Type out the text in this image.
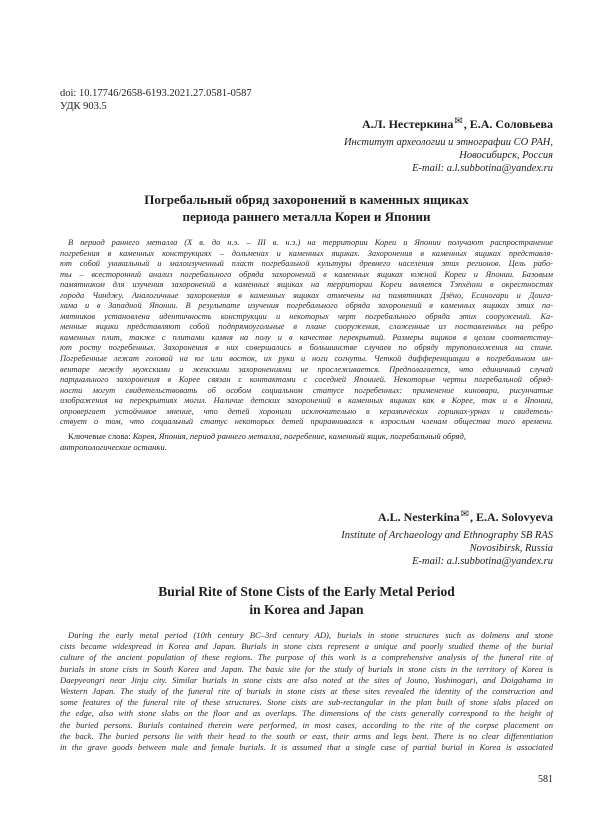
doi: 10.17746/2658-6193.2021.27.0581-0587
УДК 903.5
А.Л. Нестеркина✉, Е.А. Соловьева
Институт археологии и этнографии СО РАН,
Новосибирск, Россия
E-mail: a.l.subbotina@yandex.ru
Погребальный обряд захоронений в каменных ящиках
периода раннего металла Кореи и Японии
В период раннего металла (X в. до н.э. – III в. н.э.) на территории Кореи и Японии получают распространение
погребения в каменных конструкциях – дольменах и каменных ящиках. Захоронения в каменных ящиках представля-
ют собой уникальный и малоизученный пласт погребальной культуры древнего населения этих регионов. Цель рабо-
ты – всесторонний анализ погребального обряда захоронений в каменных ящиках южной Кореи и Японии. Базовым
памятником для изучения захоронений в каменных ящиках на территории Кореи является Тэпхённи в окрестностях
города Чинджу. Аналогичные захоронения в каменных ящиках отмечены на памятниках Дзёно, Есиногари и Доига-
хама и в Западной Японии. В результате изучения погребального обряда захоронений в каменных ящиках этих па-
мятников установлена идентичность конструкции и некоторых черт погребального обряда этих сооружений. Ка-
менные ящики представляют собой подпрямоугольные в плане сооружения, сложенные из поставленных на ребро
каменных плит, также с плитами камня на полу и в качестве перекрытий. Размеры ящиков в целом соответству-
ют росту погребенных. Захоронения в них совершались в большинстве случаев по обряду трупоположения на спине.
Погребенные лежат головой на юг или восток, их руки и ноги согнуты. Четкой дифференциации в погребальном ин-
вентаре между мужскими и женскими захоронениями не прослеживается. Предполагается, что единичный случай
парциального захоронения в Корее связан с контактами с соседней Японией. Некоторые черты погребальной обряд-
ности могут свидетельствовать об особом социальном статусе погребенных: применение киновари, рисунчатые
изображения на перекрытиях могил. Наличие детских захоронений в каменных ящиках как в Корее, так и в Японии,
опровергает устойчивое мнение, что детей хоронили исключительно в керамических горшках-урнах и свидетель-
ствует о том, что социальный статус некоторых детей приравнивался к взрослым членам общества того времени.
Ключевые слова: Корея, Япония, период раннего металла, погребение, каменный ящик, погребальный обряд,
антропологические останки.
A.L. Nesterkina✉, E.A. Solovyeva
Institute of Archaeology and Ethnography SB RAS
Novosibirsk, Russia
E-mail: a.l.subbotina@yandex.ru
Burial Rite of Stone Cists of the Early Metal Period
in Korea and Japan
During the early metal period (10th century BC–3rd century AD), burials in stone structures such as dolmens and stone
cists became widespread in Korea and Japan. Burials in stone cists represent a unique and poorly studied theme of the burial
culture of the ancient population of these regions. The purpose of this work is a comprehensive analysis of the funeral rite of
burials in stone cists in South Korea and Japan. The basic site for the study of burials in stone cists in the territory of Korea is
Daepyeongri near Jinju city. Similar burials in stone cists are also noted at the sites of Jouno, Yoshinogari, and Doigahama in
Western Japan. The study of the funeral rite of burials in stone cists at these sites revealed the identity of the construction and
some features of the funeral rite of these structures. Stone cists are sub-rectangular in the plan built of stone slabs placed on
the edge, also with stone slabs on the floor and as overlaps. The dimensions of the cists generally correspond to the height of
the buried persons. Burials contained therein were performed, in most cases, according to the rite of the corpse placement on
the back. The buried persons lie with their head to the south or east, their arms and legs bent. There is no clear differentiation
in the grave goods between male and female burials. It is assumed that a single case of partial burial in Korea is associated
581
